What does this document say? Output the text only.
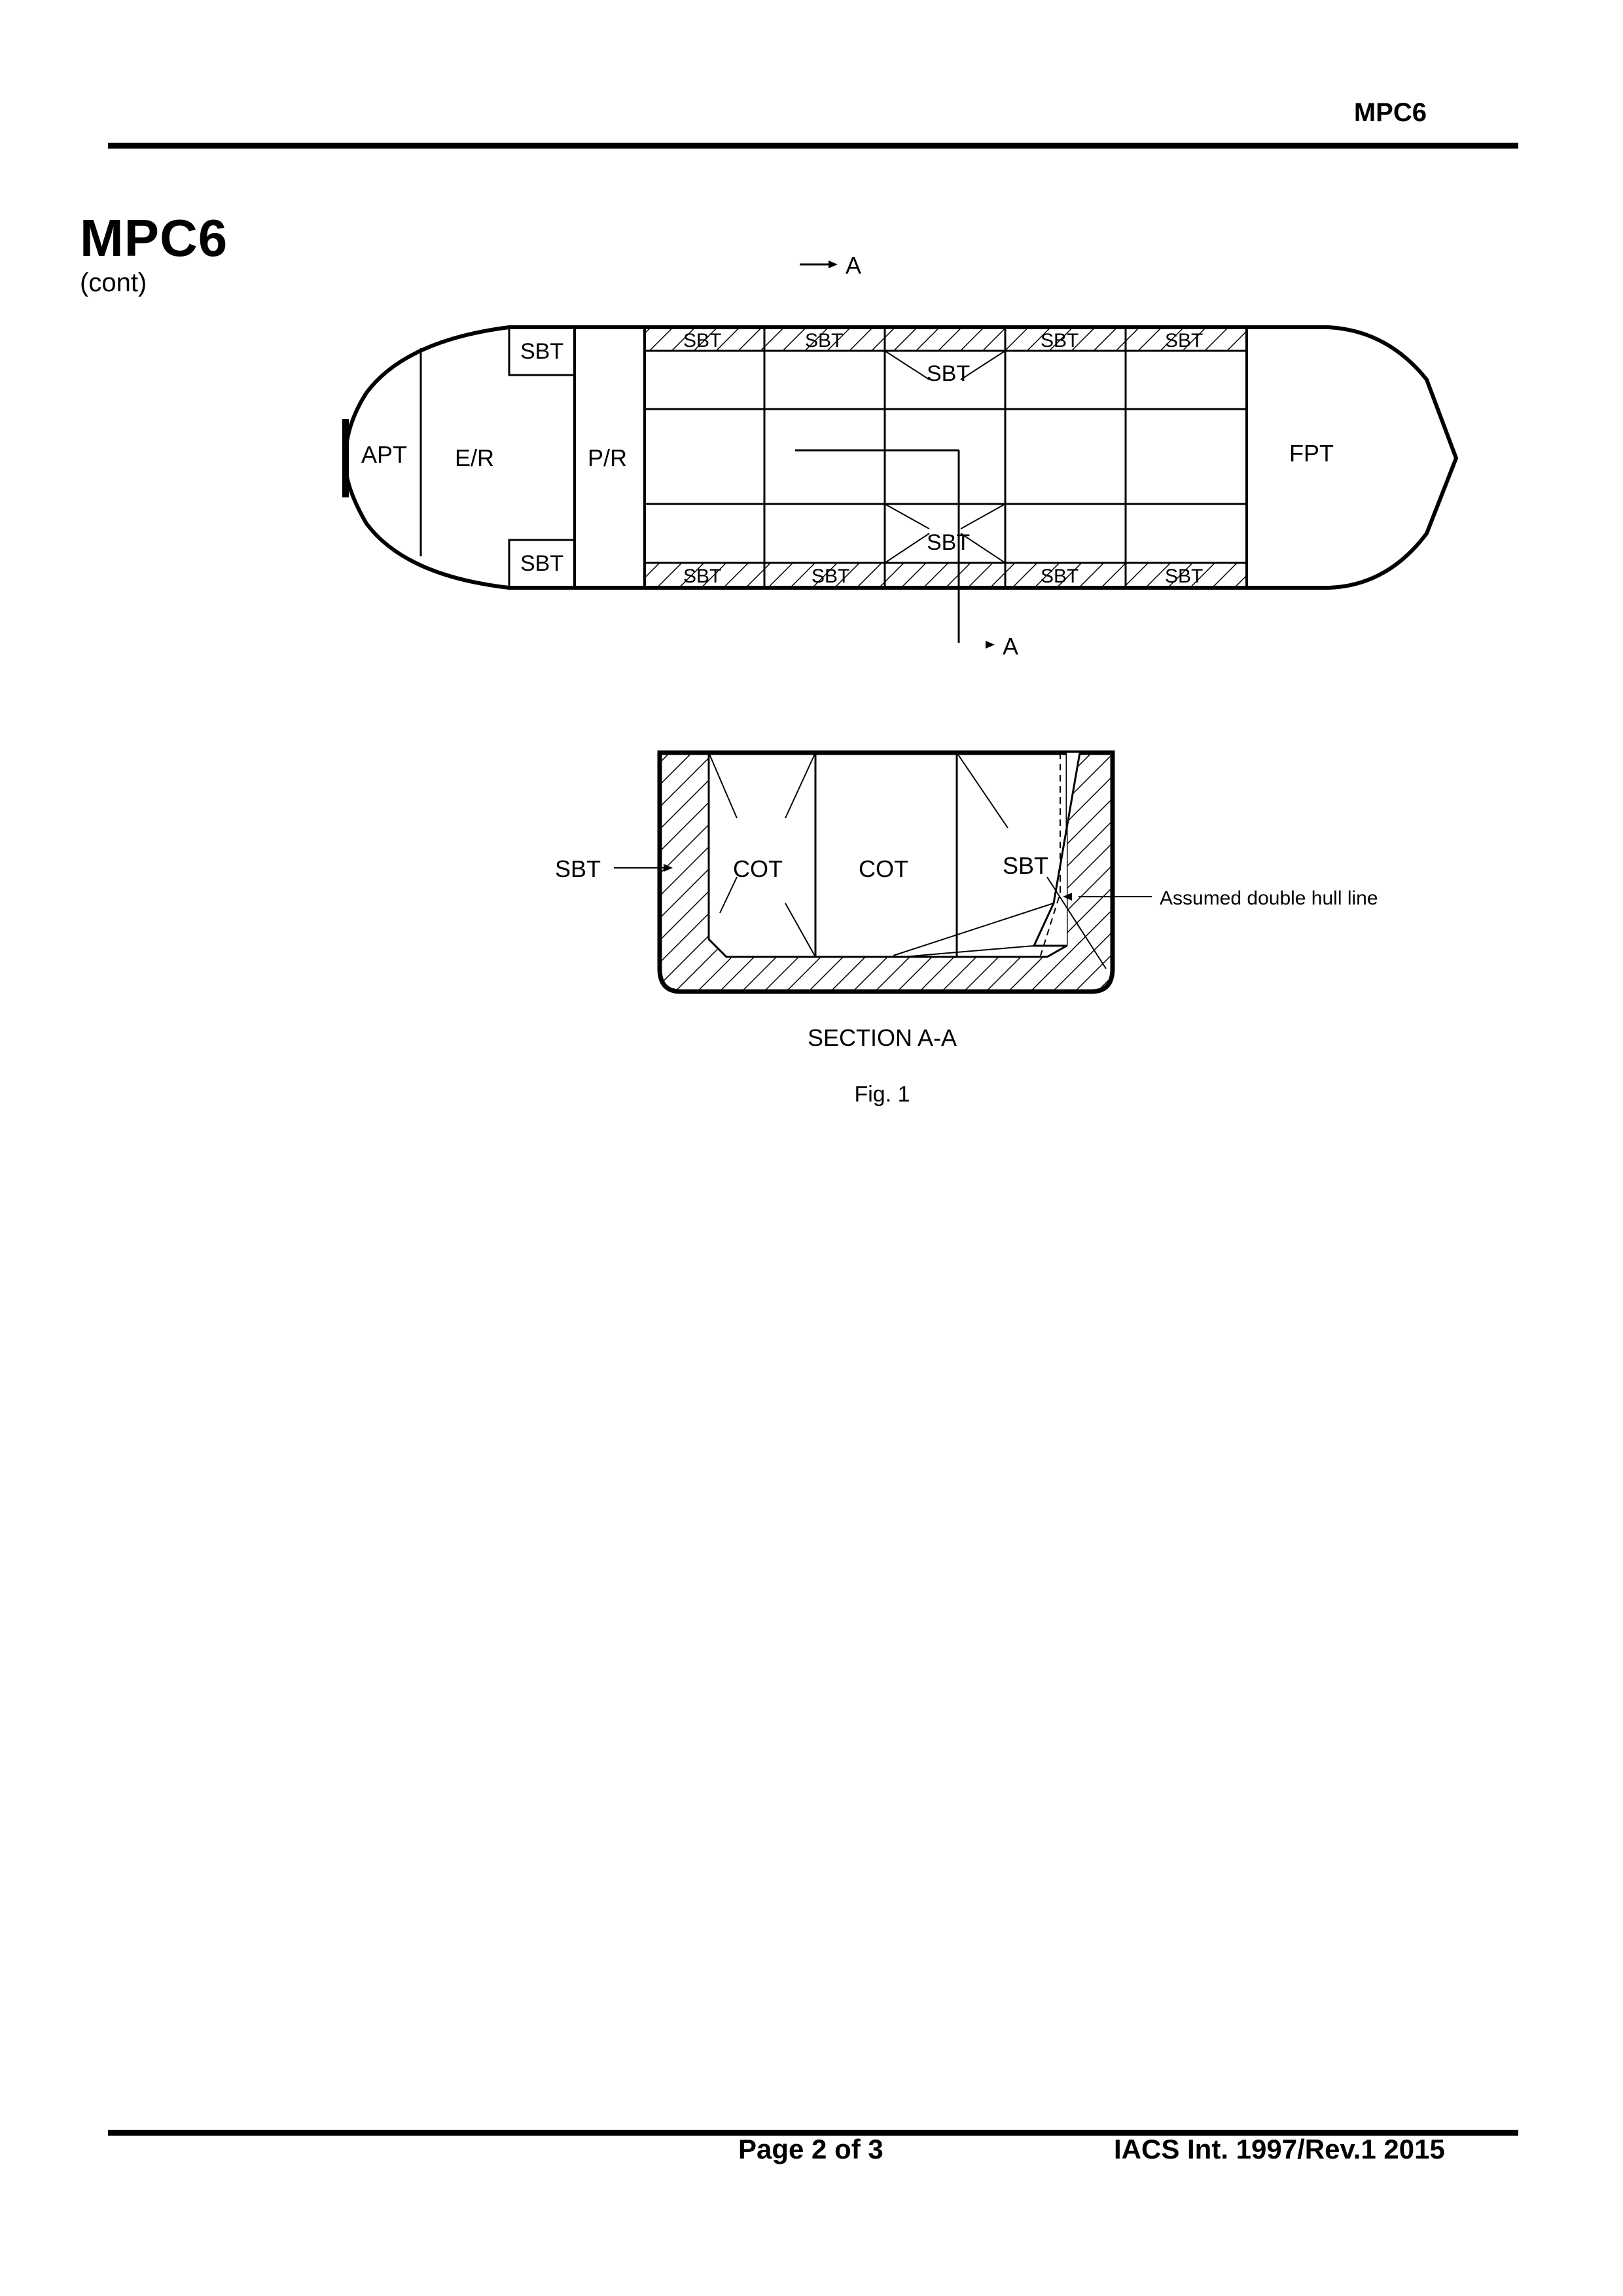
MPC6
MPC6
(cont)
A
A
APT E/R	P/R	FPT
SBT
SBT
SBT	SBT	SBT	SBT
SBT	SBT	SBT	SBT
SBT
SBT
SBT	COT	COT	SBT
Assumed double hull line
SECTION A-A
Fig. 1
Page 2 of 3	IACS Int. 1997/Rev.1 2015
